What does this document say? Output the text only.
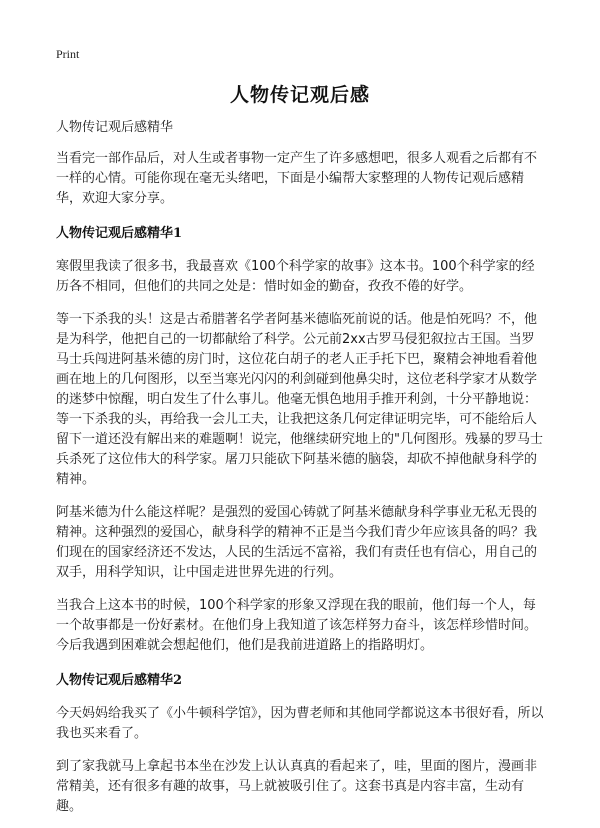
Print
人物传记观后感

人物传记观后感精华

当看完一部作品后，对人生或者事物一定产生了许多感想吧，很多人观看之后都有不一样的心情。可能你现在毫无头绪吧，下面是小编帮大家整理的人物传记观后感精华，欢迎大家分享。

人物传记观后感精华1

寒假里我读了很多书，我最喜欢《100个科学家的故事》这本书。100个科学家的经历各不相同，但他们的共同之处是：惜时如金的勤奋，孜孜不倦的好学。

等一下杀我的头！这是古希腊著名学者阿基米德临死前说的话。他是怕死吗？不，他是为科学，他把自己的一切都献给了科学。公元前2xx古罗马侵犯叙拉古王国。当罗马士兵闯进阿基米德的房门时，这位花白胡子的老人正手托下巴，聚精会神地看着他画在地上的几何图形，以至当寒光闪闪的利剑碰到他鼻尖时，这位老科学家才从数学的迷梦中惊醒，明白发生了什么事儿。他毫无惧色地用手推开利剑，十分平静地说：等一下杀我的头，再给我一会儿工夫，让我把这条几何定律证明完毕，可不能给后人留下一道还没有解出来的难题啊！说完，他继续研究地上的"几何图形。残暴的罗马士兵杀死了这位伟大的科学家。屠刀只能砍下阿基米德的脑袋，却砍不掉他献身科学的精神。

阿基米德为什么能这样呢？是强烈的爱国心铸就了阿基米德献身科学事业无私无畏的精神。这种强烈的爱国心，献身科学的精神不正是当今我们青少年应该具备的吗？我们现在的国家经济还不发达，人民的生活远不富裕，我们有责任也有信心，用自己的双手，用科学知识，让中国走进世界先进的行列。

当我合上这本书的时候，100个科学家的形象又浮现在我的眼前，他们每一个人，每一个故事都是一份好素材。在他们身上我知道了该怎样努力奋斗，该怎样珍惜时间。今后我遇到困难就会想起他们，他们是我前进道路上的指路明灯。

人物传记观后感精华2

今天妈妈给我买了《小牛顿科学馆》，因为曹老师和其他同学都说这本书很好看，所以我也买来看了。

到了家我就马上拿起书本坐在沙发上认认真真的看起来了，哇，里面的图片，漫画非常精美，还有很多有趣的故事，马上就被吸引住了。这套书真是内容丰富，生动有趣。
